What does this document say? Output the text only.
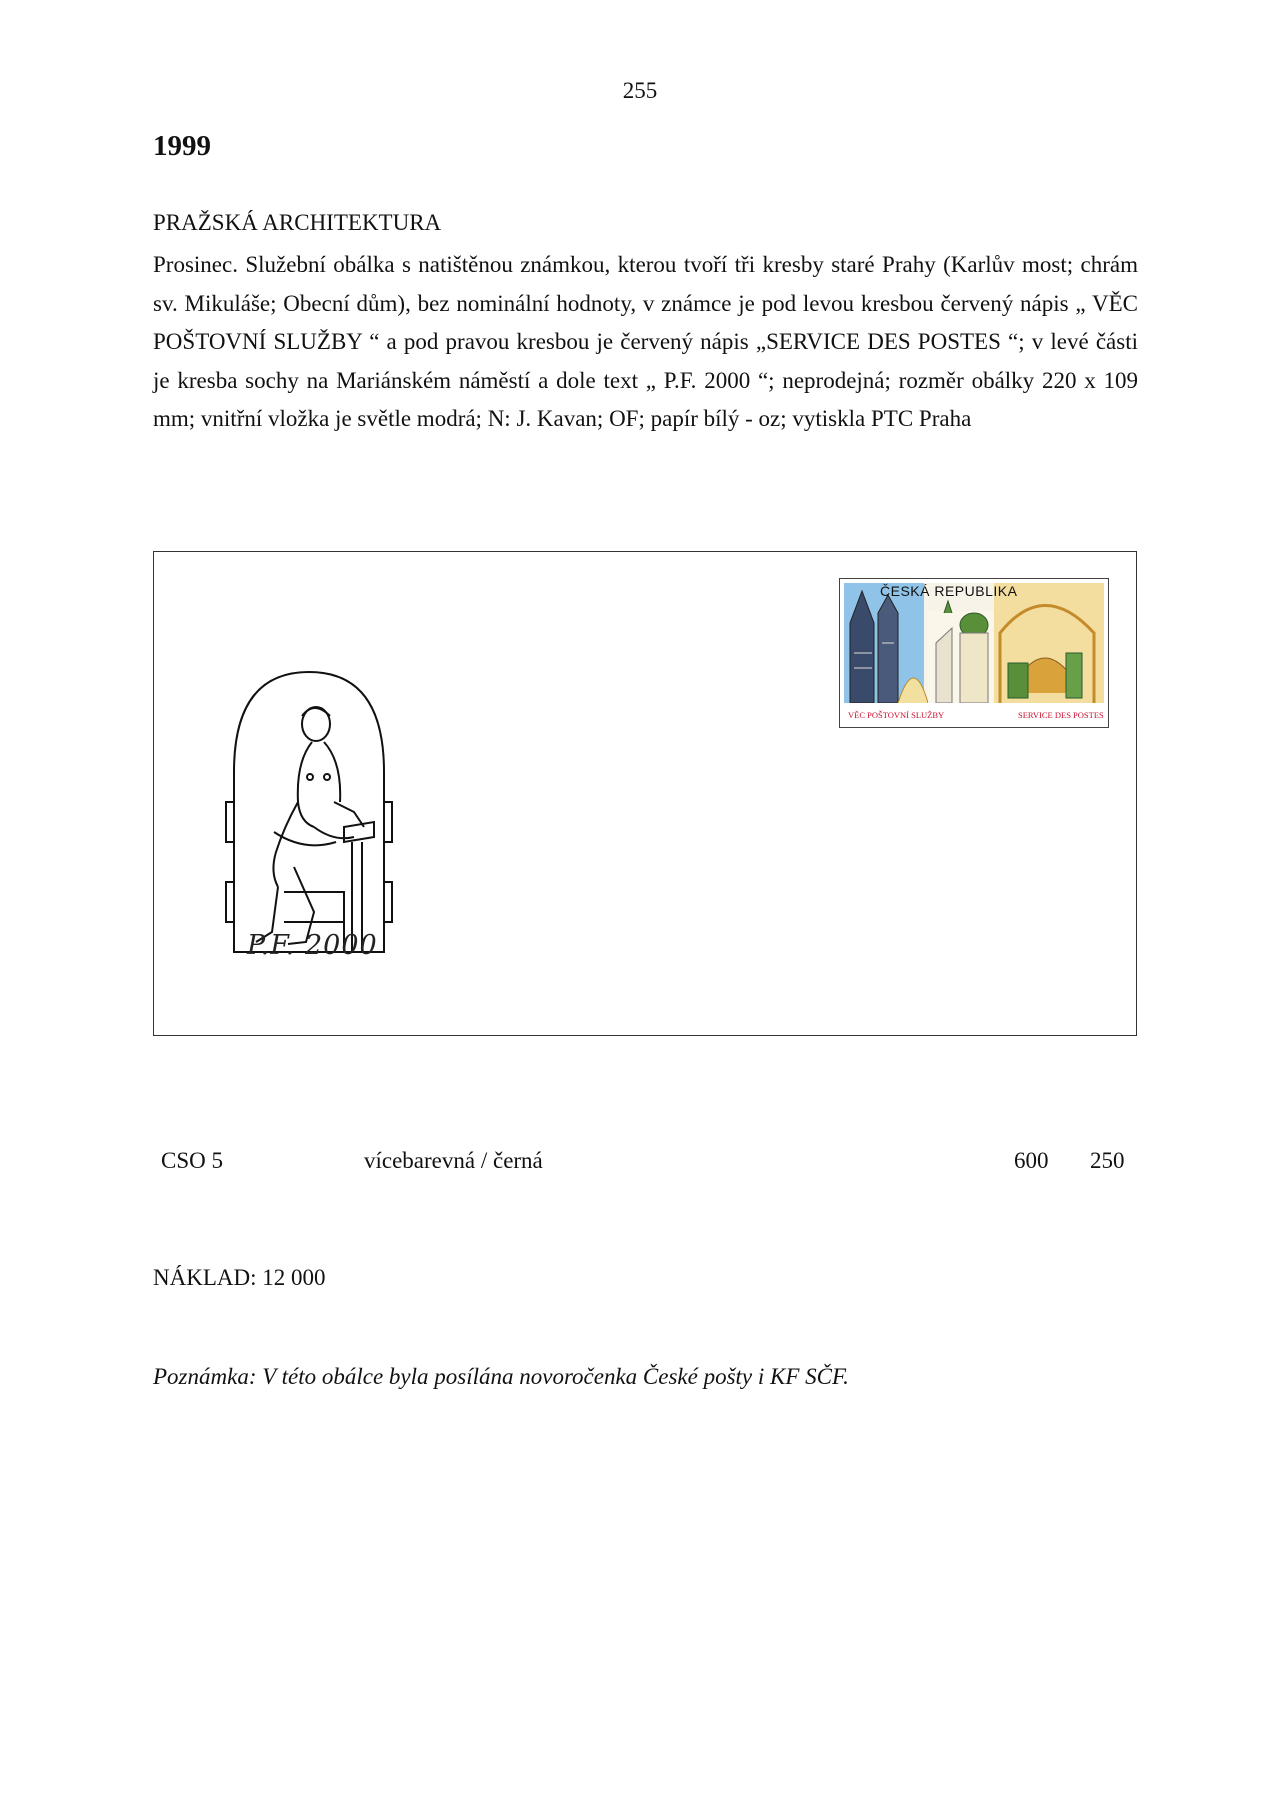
255
1999
PRAŽSKÁ ARCHITEKTURA
Prosinec. Služební obálka s natištěnou známkou, kterou tvoří tři kresby staré Prahy (Karlův most; chrám sv. Mikuláše; Obecní dům), bez nominální hodnoty, v známce je pod levou kresbou červený nápis „ VĚC POŠTOVNÍ SLUŽBY “ a pod pravou kresbou je červený nápis „SERVICE DES POSTES “; v levé části je kresba sochy na Mariánském náměstí a dole text „ P.F. 2000 “; neprodejná; rozměr obálky 220 x 109 mm; vnitřní vložka je světle modrá; N: J. Kavan; OF; papír bílý - oz; vytiskla PTC Praha
P.F. 2000
ČESKÁ REPUBLIKA
VĚC POŠTOVNÍ SLUŽBY	SERVICE DES POSTES
CSO 5	vícebarevná / černá	600 250
NÁKLAD: 12 000
Poznámka: V této obálce byla posílána novoročenka České pošty i KF SČF.
